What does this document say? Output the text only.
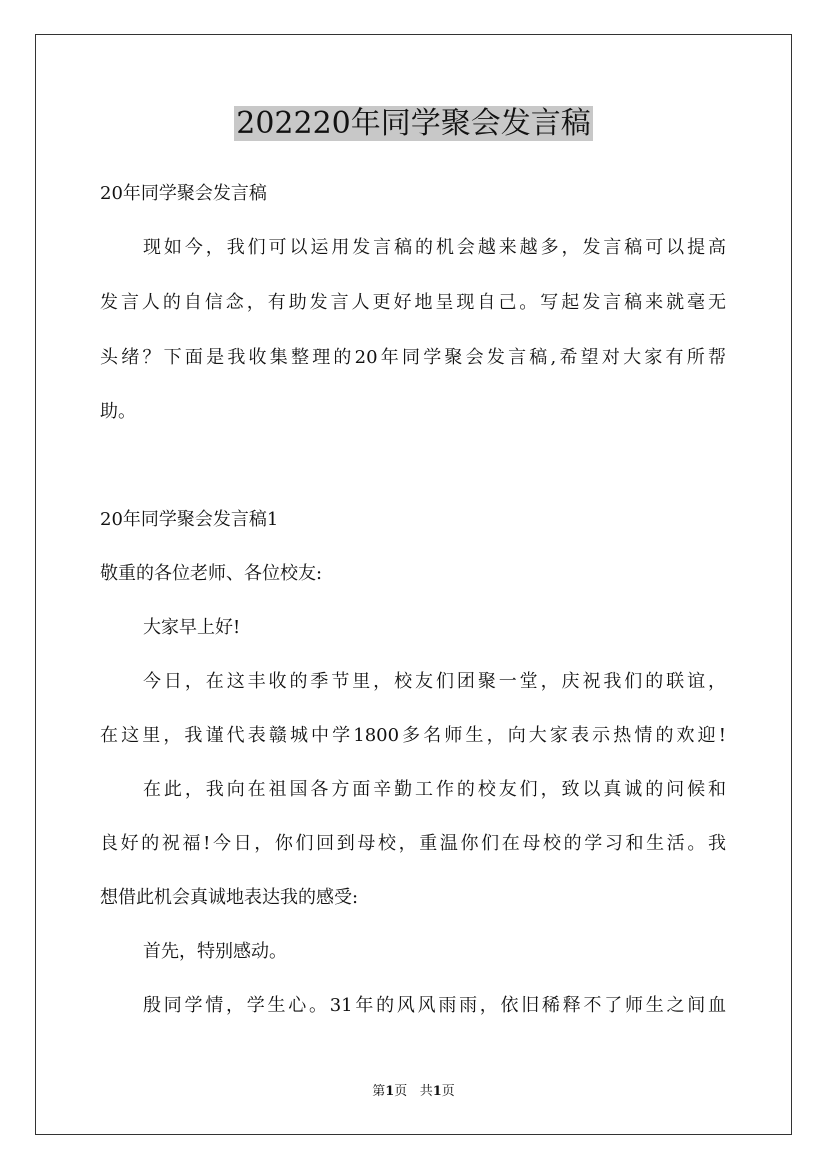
202220年同学聚会发言稿
20年同学聚会发言稿
现如今，我们可以运用发言稿的机会越来越多，发言稿可以提高
发言人的自信念，有助发言人更好地呈现自己。写起发言稿来就毫无
头绪？下面是我收集整理的20年同学聚会发言稿,希望对大家有所帮
助。
20年同学聚会发言稿1
敬重的各位老师、各位校友:
大家早上好!
今日，在这丰收的季节里，校友们团聚一堂，庆祝我们的联谊，
在这里，我谨代表赣城中学1800多名师生，向大家表示热情的欢迎!
在此，我向在祖国各方面辛勤工作的校友们，致以真诚的问候和
良好的祝福!今日，你们回到母校，重温你们在母校的学习和生活。我
想借此机会真诚地表达我的感受:
首先，特别感动。
殷同学情，学生心。31年的风风雨雨，依旧稀释不了师生之间血
第1页   共1页
